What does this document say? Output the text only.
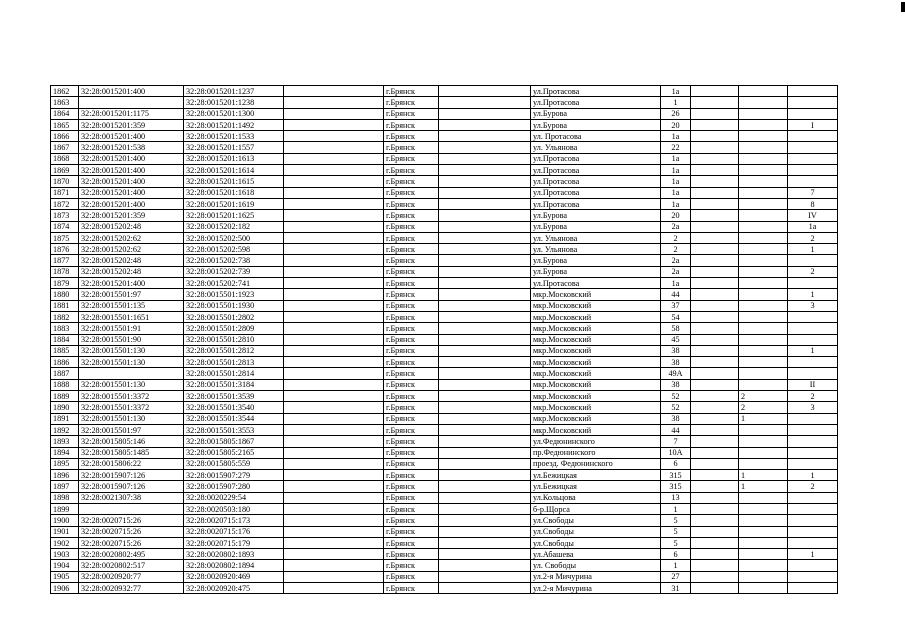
1862	32:28:0015201:400	32:28:0015201:1237		г.Брянск		ул.Протасова	1а			
1863		32:28:0015201:1238		г.Брянск		ул.Протасова	1			
1864	32:28:0015201:1175	32:28:0015201:1300		г.Брянск		ул.Бурова	26			
1865	32:28:0015201:359	32:28:0015201:1492		г.Брянск		ул.Бурова	20			I
1866	32:28:0015201:400	32:28:0015201:1533		г.Брянск		ул. Протасова	1а			
1867	32:28:0015201:538	32:28:0015201:1557		г.Брянск		ул. Ульянова	22			
1868	32:28:0015201:400	32:28:0015201:1613		г.Брянск		ул.Протасова	1а			
1869	32:28:0015201:400	32:28:0015201:1614		г.Брянск		ул.Протасова	1а			
1870	32:28:0015201:400	32:28:0015201:1615		г.Брянск		ул.Протасова	1а			
1871	32:28:0015201:400	32:28:0015201:1618		г.Брянск		ул.Протасова	1а			7
1872	32:28:0015201:400	32:28:0015201:1619		г.Брянск		ул.Протасова	1а			8
1873	32:28:0015201:359	32:28:0015201:1625		г.Брянск		ул.Бурова	20			IV
1874	32:28:0015202:48	32:28:0015202:182		г.Брянск		ул.Бурова	2а			1а
1875	32:28:0015202:62	32:28:0015202:500		г.Брянск		ул. Ульянова	2			2
1876	32:28:0015202:62	32:28:0015202:598		г.Брянск		ул. Ульянова	2			1
1877	32:28:0015202:48	32:28:0015202:738		г.Брянск		ул.Бурова	2а			
1878	32:28:0015202:48	32:28:0015202:739		г.Брянск		ул.Бурова	2а			2
1879	32:28:0015201:400	32:28:0015202:741		г.Брянск		ул.Протасова	1а			
1880	32:28:0015501:97	32:28:0015501:1923		г.Брянск		мкр.Московский	44			1
1881	32:28:0015501:135	32:28:0015501:1930		г.Брянск		мкр.Московский	37			3
1882	32:28:0015501:1651	32:28:0015501:2802		г.Брянск		мкр.Московский	54			
1883	32:28:0015501:91	32:28:0015501:2809		г.Брянск		мкр.Московский	58			
1884	32:28:0015501:90	32:28:0015501:2810		г.Брянск		мкр.Московский	45			
1885	32:28:0015501:130	32:28:0015501:2812		г.Брянск		мкр.Московский	38			1
1886	32:28:0015501:130	32:28:0015501:2813		г.Брянск		мкр.Московский	38			
1887		32:28:0015501:2814		г.Брянск		мкр.Московский	49А			
1888	32:28:0015501:130	32:28:0015501:3184		г.Брянск		мкр.Московский	38			II
1889	32:28:0015501:3372	32:28:0015501:3539		г.Брянск		мкр.Московский	52		2	2
1890	32:28:0015501:3372	32:28:0015501:3540		г.Брянск		мкр.Московский	52		2	3
1891	32:28:0015501:130	32:28:0015501:3544		г.Брянск		мкр.Московский	38		1	
1892	32:28:0015501:97	32:28:0015501:3553		г.Брянск		мкр.Московский	44			
1893	32:28:0015805:146	32:28:0015805:1867		г.Брянск		ул.Федюнинского	7			
1894	32:28:0015805:1485	32:28:0015805:2165		г.Брянск		пр.Федюнинского	10А			
1895	32:28:0015806:22	32:28:0015805:559		г.Брянск		проезд. Федюнинского	6			
1896	32:28:0015907:126	32:28:0015907:279		г.Брянск		ул.Бежицкая	315		1	1
1897	32:28:0015907:126	32:28:0015907:280		г.Брянск		ул.Бежицкая	315		1	2
1898	32:28:0021307:38	32:28:0020229:54		г.Брянск		ул.Кольцова	13			
1899		32:28:0020503:180		г.Брянск		б-р.Щорса	1			
1900	32:28:0020715:26	32:28:0020715:173		г.Брянск		ул.Свободы	5			
1901	32:28:0020715:26	32:28:0020715:176		г.Брянск		ул.Свободы	5			
1902	32:28:0020715:26	32:28:0020715:179		г.Брянск		ул.Свободы	5			
1903	32:28:0020802:495	32:28:0020802:1893		г.Брянск		ул.Абашева	6			1
1904	32:28:0020802:517	32:28:0020802:1894		г.Брянск		ул. Свободы	1			
1905	32:28:0020920:77	32:28:0020920:469		г.Брянск		ул.2-я Мичурина	27			
1906	32:28:0020932:77	32:28:0020920:475		г.Брянск		ул.2-я Мичурина	31			
